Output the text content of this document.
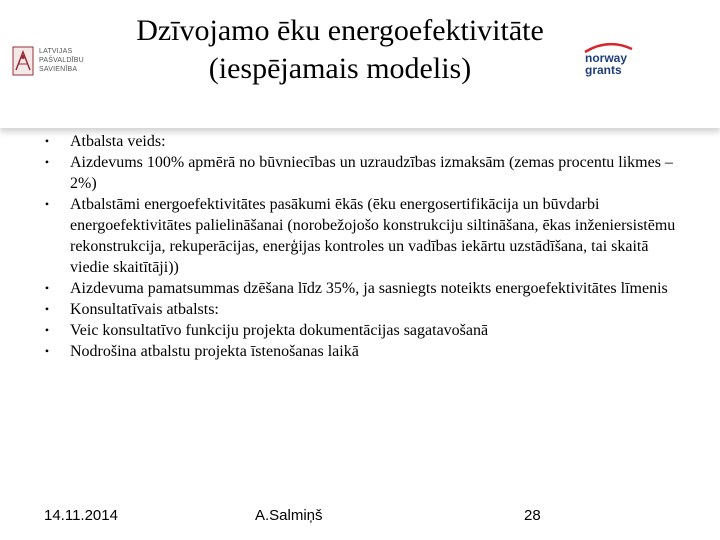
LATVIJAS
PAŠVALDĪBU
SAVIENĪBA
Dzīvojamo ēku energoefektivitāte
(iespējamais modelis)	norway
grants
•	Atbalsta veids:
•	Aizdevums 100% apmērā no būvniecības un uzraudzības izmaksām (zemas procentu likmes – 2%)
•	Atbalstāmi energoefektivitātes pasākumi ēkās (ēku energosertifikācija un būvdarbi energoefektivitātes palielināšanai (norobežojošo konstrukciju siltināšana, ēkas inženiersistēmu rekonstrukcija, rekuperācijas, enerģijas kontroles un vadības iekārtu uzstādīšana, tai skaitā viedie skaitītāji))
•	Aizdevuma pamatsummas dzēšana līdz 35%, ja sasniegts noteikts energoefektivitātes līmenis
•	Konsultatīvais atbalsts:
•	Veic konsultatīvo funkciju projekta dokumentācijas sagatavošanā
•	Nodrošina atbalstu projekta īstenošanas laikā
14.11.2014	A.Salmiņš	28
